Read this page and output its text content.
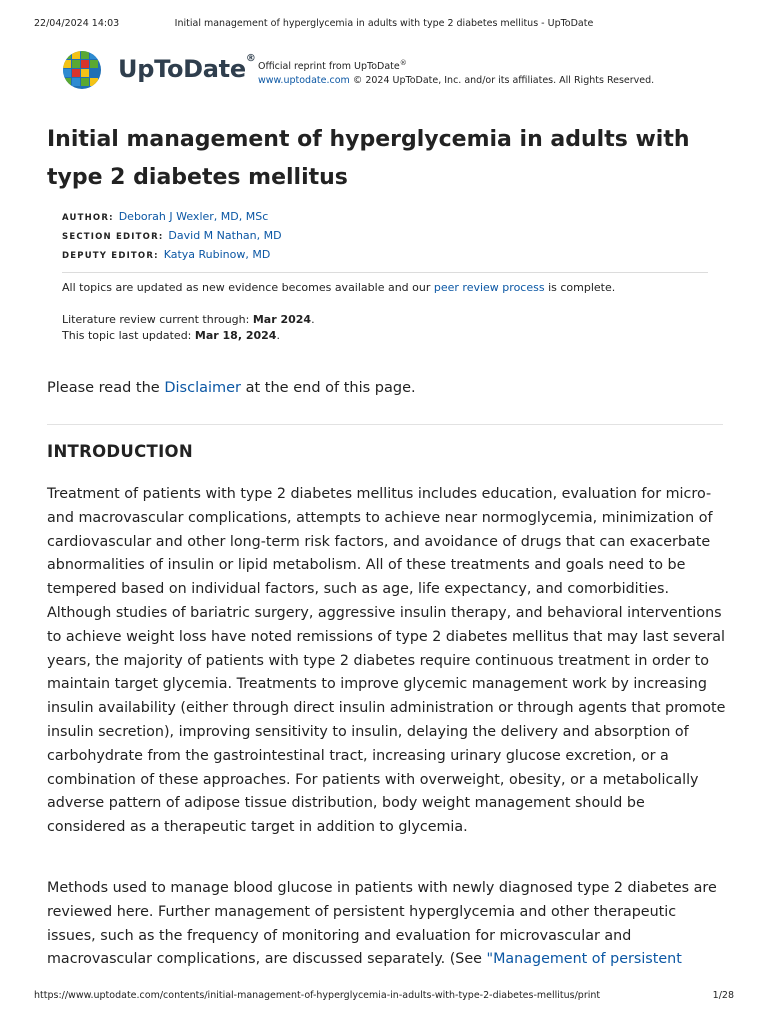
22/04/2024 14:03	Initial management of hyperglycemia in adults with type 2 diabetes mellitus - UpToDate
UpToDate®
Official reprint from UpToDate®
www.uptodate.com © 2024 UpToDate, Inc. and/or its affiliates. All Rights Reserved.
Initial management of hyperglycemia in adults with type 2 diabetes mellitus
AUTHOR: Deborah J Wexler, MD, MSc
SECTION EDITOR: David M Nathan, MD
DEPUTY EDITOR: Katya Rubinow, MD
All topics are updated as new evidence becomes available and our peer review process is complete.
Literature review current through: Mar 2024.
This topic last updated: Mar 18, 2024.

Please read the Disclaimer at the end of this page.

INTRODUCTION

Treatment of patients with type 2 diabetes mellitus includes education, evaluation for micro- and macrovascular complications, attempts to achieve near normoglycemia, minimization of cardiovascular and other long-term risk factors, and avoidance of drugs that can exacerbate abnormalities of insulin or lipid metabolism. All of these treatments and goals need to be tempered based on individual factors, such as age, life expectancy, and comorbidities. Although studies of bariatric surgery, aggressive insulin therapy, and behavioral interventions to achieve weight loss have noted remissions of type 2 diabetes mellitus that may last several years, the majority of patients with type 2 diabetes require continuous treatment in order to maintain target glycemia. Treatments to improve glycemic management work by increasing insulin availability (either through direct insulin administration or through agents that promote insulin secretion), improving sensitivity to insulin, delaying the delivery and absorption of carbohydrate from the gastrointestinal tract, increasing urinary glucose excretion, or a combination of these approaches. For patients with overweight, obesity, or a metabolically adverse pattern of adipose tissue distribution, body weight management should be considered as a therapeutic target in addition to glycemia.

Methods used to manage blood glucose in patients with newly diagnosed type 2 diabetes are reviewed here. Further management of persistent hyperglycemia and other therapeutic issues, such as the frequency of monitoring and evaluation for microvascular and macrovascular complications, are discussed separately. (See "Management of persistent

https://www.uptodate.com/contents/initial-management-of-hyperglycemia-in-adults-with-type-2-diabetes-mellitus/print	1/28
